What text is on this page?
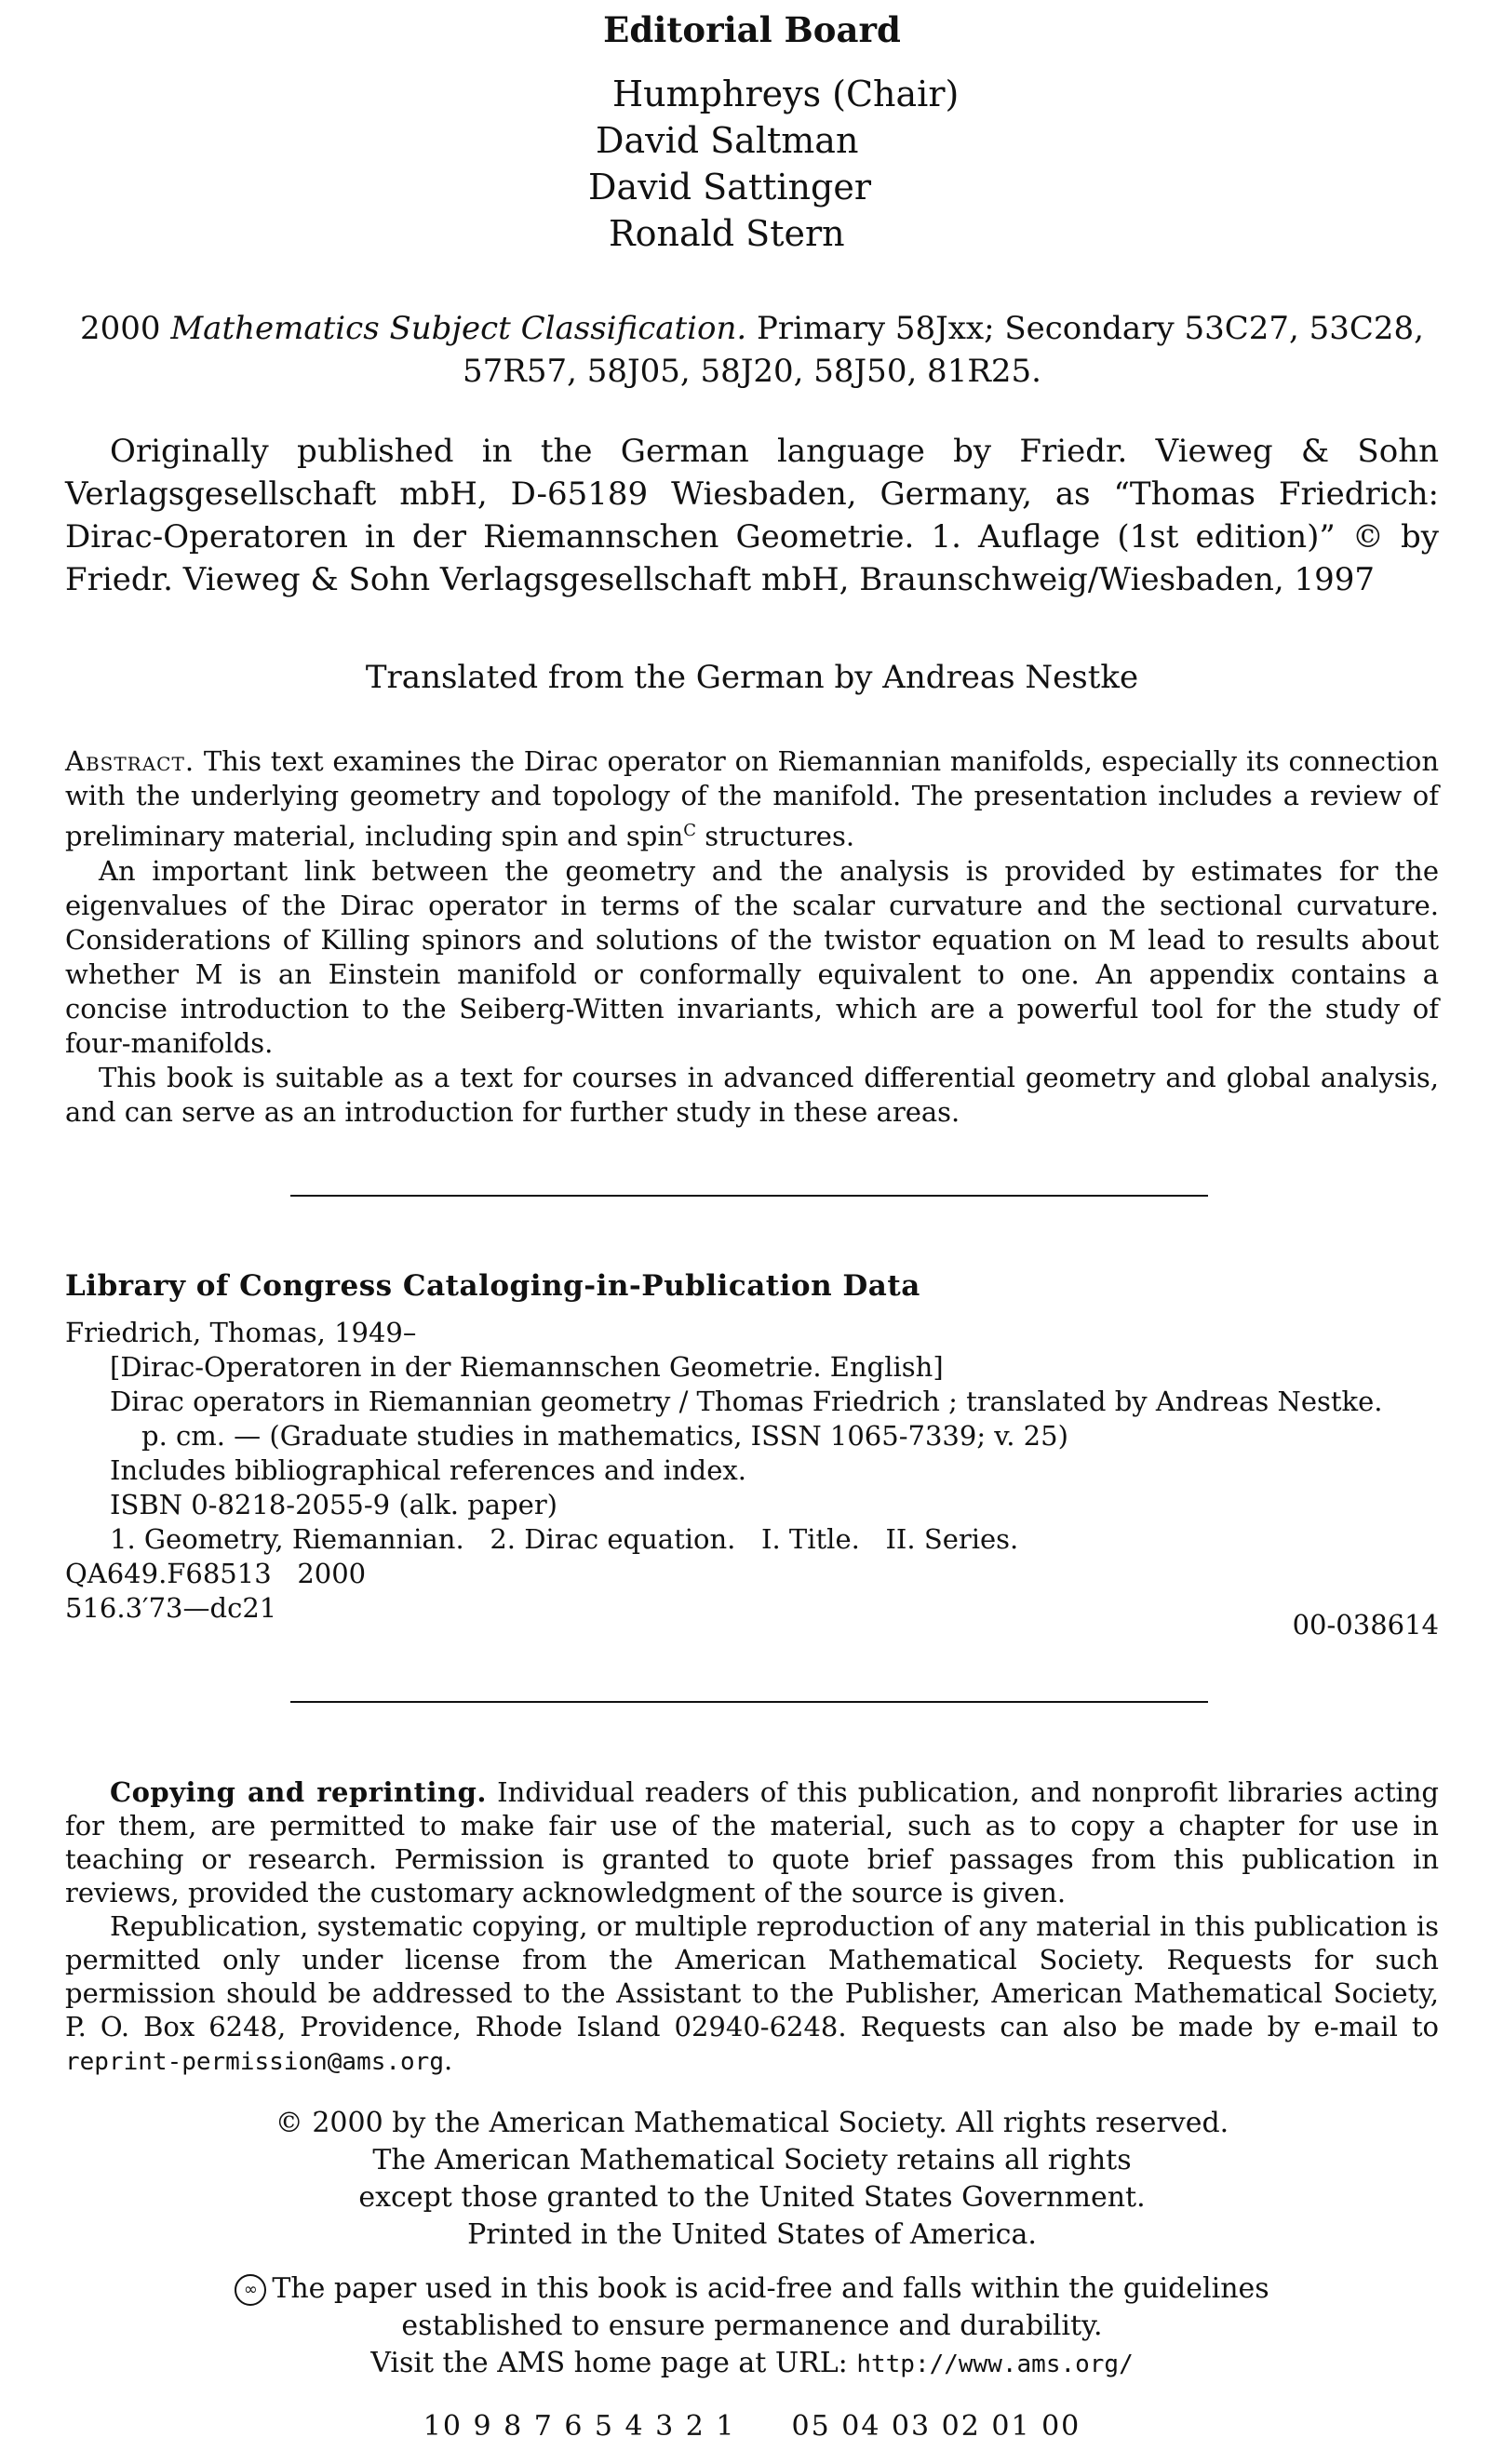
Editorial Board
Humphreys (Chair)
David Saltman
David Sattinger
Ronald Stern
2000 Mathematics Subject Classification. Primary 58Jxx; Secondary 53C27, 53C28,
57R57, 58J05, 58J20, 58J50, 81R25.
Originally published in the German language by Friedr. Vieweg & Sohn Verlagsgesellschaft mbH, D-65189 Wiesbaden, Germany, as “Thomas Friedrich: Dirac-Operatoren in der Riemannschen Geometrie. 1. Auflage (1st edition)” © by Friedr. Vieweg & Sohn Verlagsgesellschaft mbH, Braunschweig/Wiesbaden, 1997
Translated from the German by Andreas Nestke

Abstract. This text examines the Dirac operator on Riemannian manifolds, especially its connection with the underlying geometry and topology of the manifold. The presentation includes a review of preliminary material, including spin and spin$^C$ structures.

An important link between the geometry and the analysis is provided by estimates for the eigenvalues of the Dirac operator in terms of the scalar curvature and the sectional curvature. Considerations of Killing spinors and solutions of the twistor equation on M lead to results about whether M is an Einstein manifold or conformally equivalent to one. An appendix contains a concise introduction to the Seiberg-Witten invariants, which are a powerful tool for the study of four-manifolds.

This book is suitable as a text for courses in advanced differential geometry and global analysis, and can serve as an introduction for further study in these areas.

Library of Congress Cataloging-in-Publication Data
Friedrich, Thomas, 1949–
[Dirac-Operatoren in der Riemannschen Geometrie. English]
Dirac operators in Riemannian geometry / Thomas Friedrich ; translated by Andreas Nestke.
p. cm. — (Graduate studies in mathematics, ISSN 1065-7339; v. 25)
Includes bibliographical references and index.
ISBN 0-8218-2055-9 (alk. paper)
1. Geometry, Riemannian.   2. Dirac equation.   I. Title.   II. Series.
QA649.F68513   2000
516.3′73—dc21
00-038614

Copying and reprinting. Individual readers of this publication, and nonprofit libraries acting for them, are permitted to make fair use of the material, such as to copy a chapter for use in teaching or research. Permission is granted to quote brief passages from this publication in reviews, provided the customary acknowledgment of the source is given.

Republication, systematic copying, or multiple reproduction of any material in this publication is permitted only under license from the American Mathematical Society. Requests for such permission should be addressed to the Assistant to the Publisher, American Mathematical Society, P. O. Box 6248, Providence, Rhode Island 02940-6248. Requests can also be made by e-mail to reprint-permission@ams.org.

© 2000 by the American Mathematical Society. All rights reserved.
The American Mathematical Society retains all rights
except those granted to the United States Government.
Printed in the United States of America.
∞ The paper used in this book is acid-free and falls within the guidelines
established to ensure permanence and durability.
Visit the AMS home page at URL: http://www.ams.org/
10 9 8 7 6 5 4 3 2 1 05 04 03 02 01 00
